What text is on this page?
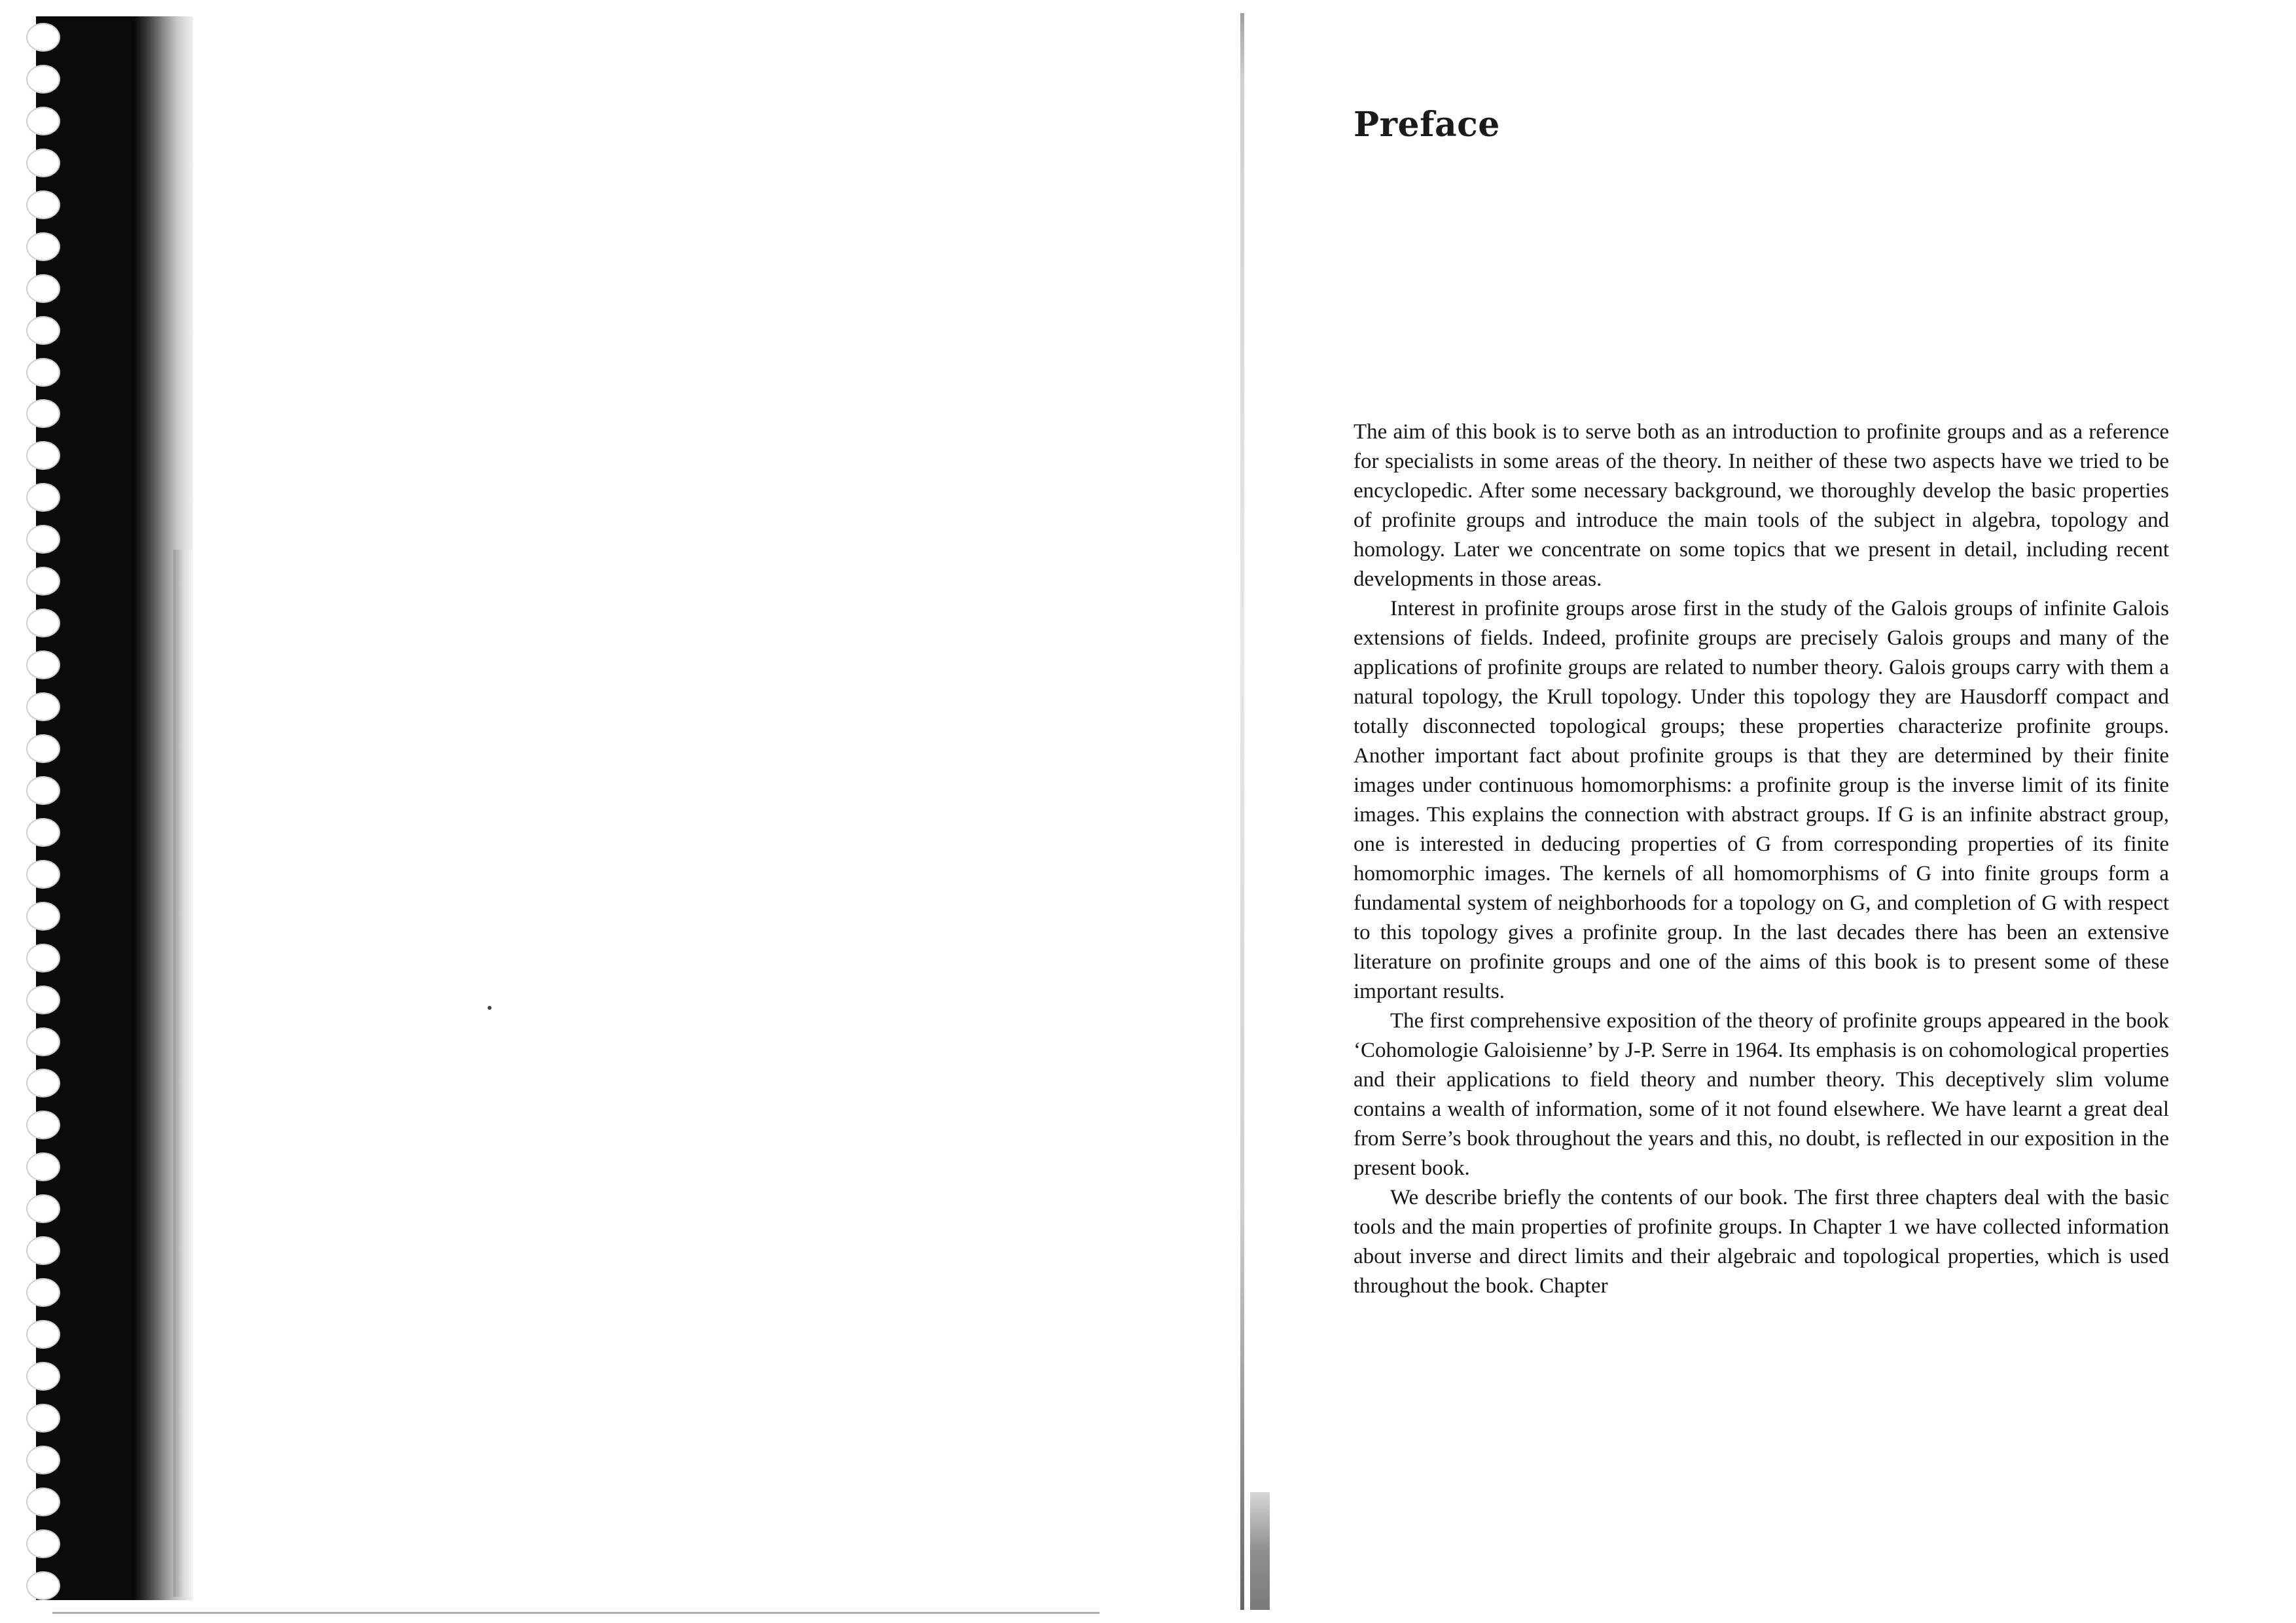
Preface

The aim of this book is to serve both as an introduction to profinite groups and as a reference for specialists in some areas of the theory. In neither of these two aspects have we tried to be encyclopedic. After some necessary background, we thoroughly develop the basic properties of profinite groups and introduce the main tools of the subject in algebra, topology and homology. Later we concentrate on some topics that we present in detail, including recent developments in those areas.

Interest in profinite groups arose first in the study of the Galois groups of infinite Galois extensions of fields. Indeed, profinite groups are precisely Galois groups and many of the applications of profinite groups are related to number theory. Galois groups carry with them a natural topology, the Krull topology. Under this topology they are Hausdorff compact and totally disconnected topological groups; these properties characterize profinite groups. Another important fact about profinite groups is that they are determined by their finite images under continuous homomorphisms: a profinite group is the inverse limit of its finite images. This explains the connection with abstract groups. If G is an infinite abstract group, one is interested in deducing properties of G from corresponding properties of its finite homomorphic images. The kernels of all homomorphisms of G into finite groups form a fundamental system of neighborhoods for a topology on G, and completion of G with respect to this topology gives a profinite group. In the last decades there has been an extensive literature on profinite groups and one of the aims of this book is to present some of these important results.

The first comprehensive exposition of the theory of profinite groups appeared in the book ‘Cohomologie Galoisienne’ by J-P. Serre in 1964. Its emphasis is on cohomological properties and their applications to field theory and number theory. This deceptively slim volume contains a wealth of information, some of it not found elsewhere. We have learnt a great deal from Serre’s book throughout the years and this, no doubt, is reflected in our exposition in the present book.

We describe briefly the contents of our book. The first three chapters deal with the basic tools and the main properties of profinite groups. In Chapter 1 we have collected information about inverse and direct limits and their algebraic and topological properties, which is used throughout the book. Chapter
